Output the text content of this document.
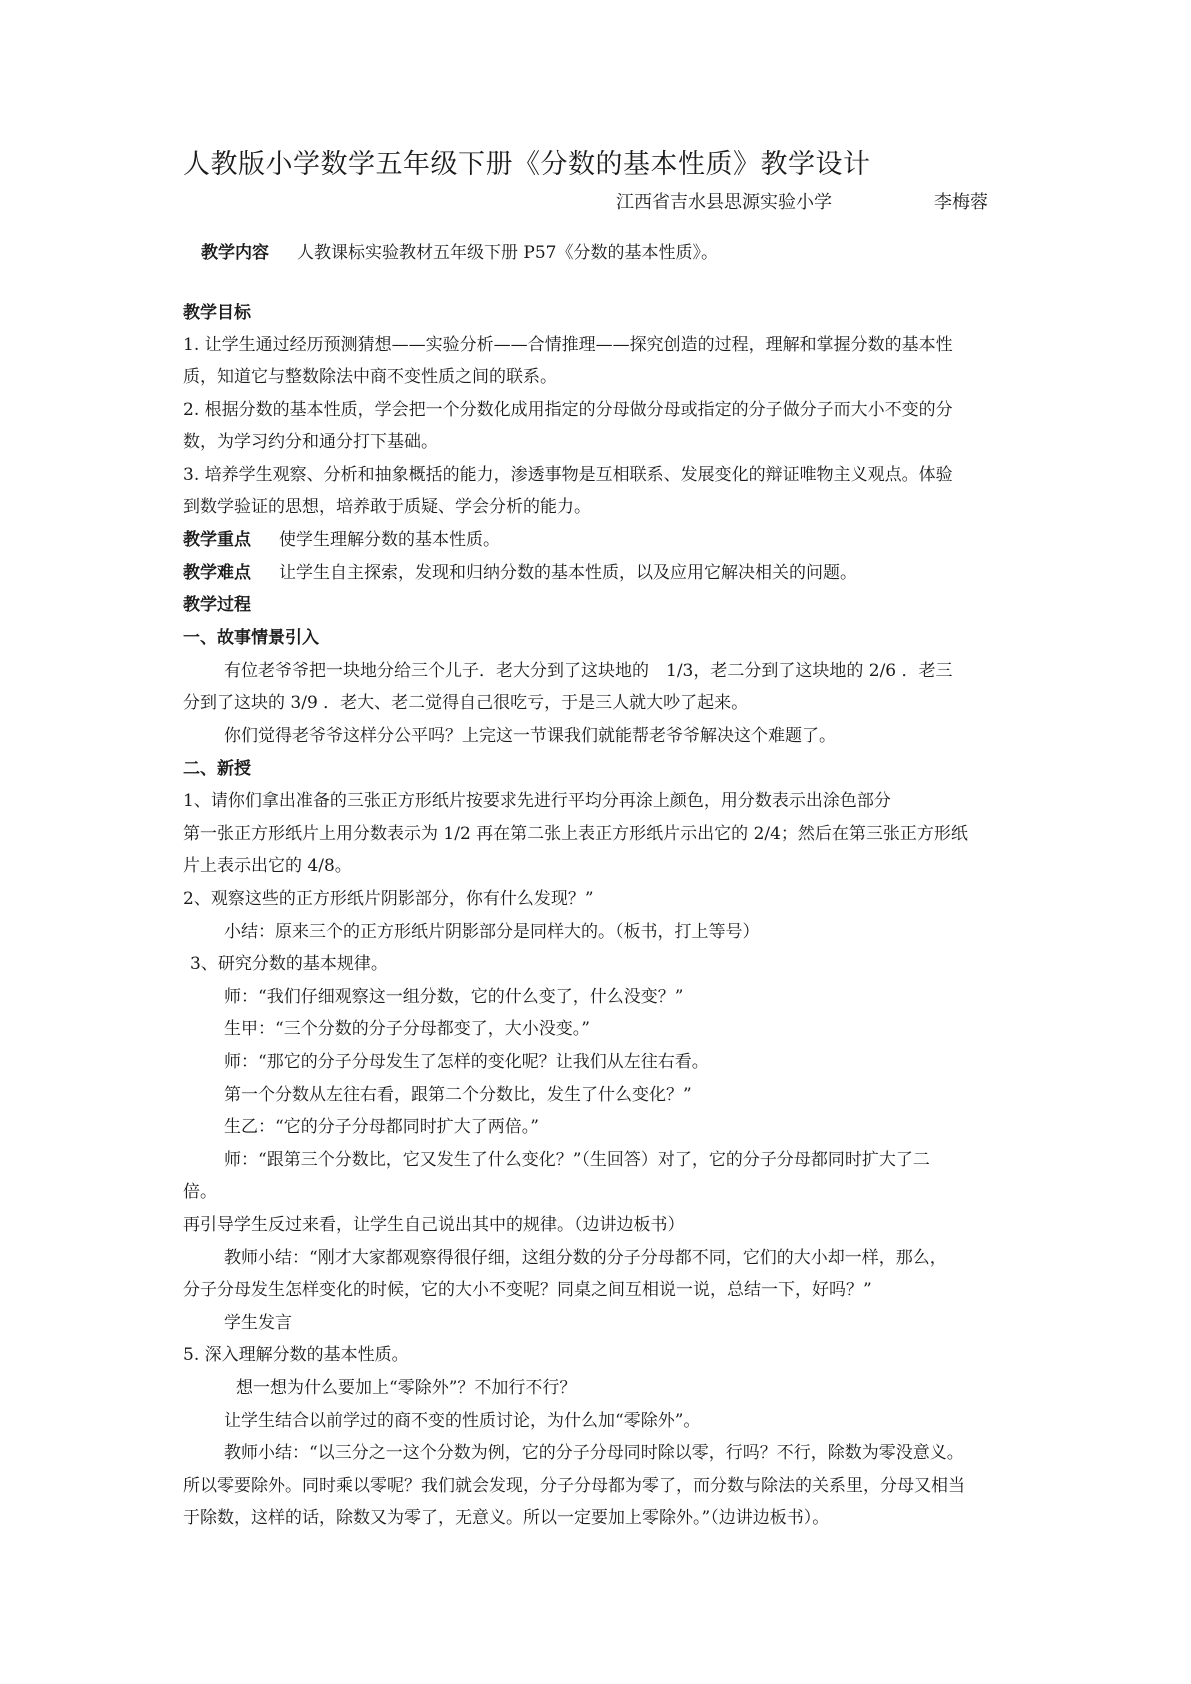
人教版小学数学五年级下册《分数的基本性质》教学设计
江西省吉水县思源实验小学	李梅蓉
教学内容 人教课标实验教材五年级下册 P57《分数的基本性质》。
教学目标
1. 让学生通过经历预测猜想——实验分析——合情推理——探究创造的过程，理解和掌握分数的基本性
质，知道它与整数除法中商不变性质之间的联系。
2. 根据分数的基本性质，学会把一个分数化成用指定的分母做分母或指定的分子做分子而大小不变的分
数，为学习约分和通分打下基础。
3. 培养学生观察、分析和抽象概括的能力，渗透事物是互相联系、发展变化的辩证唯物主义观点。体验
到数学验证的思想，培养敢于质疑、学会分析的能力。
教学重点 使学生理解分数的基本性质。
教学难点 让学生自主探索，发现和归纳分数的基本性质，以及应用它解决相关的问题。
教学过程
一、故事情景引入
有位老爷爷把一块地分给三个儿子．老大分到了这块地的　1/3，老二分到了这块地的 2/6 ．老三
分到了这块的 3/9 ．老大、老二觉得自己很吃亏，于是三人就大吵了起来。
你们觉得老爷爷这样分公平吗？上完这一节课我们就能帮老爷爷解决这个难题了。
二、新授
1、请你们拿出准备的三张正方形纸片按要求先进行平均分再涂上颜色，用分数表示出涂色部分
第一张正方形纸片上用分数表示为 1/2 再在第二张上表正方形纸片示出它的 2/4；然后在第三张正方形纸
片上表示出它的 4/8。
2、观察这些的正方形纸片阴影部分，你有什么发现？”
小结：原来三个的正方形纸片阴影部分是同样大的。（板书，打上等号）
3、研究分数的基本规律。
师：“我们仔细观察这一组分数，它的什么变了，什么没变？”
生甲：“三个分数的分子分母都变了，大小没变。”
师：“那它的分子分母发生了怎样的变化呢？让我们从左往右看。
第一个分数从左往右看，跟第二个分数比，发生了什么变化？”
生乙：“它的分子分母都同时扩大了两倍。”
师：“跟第三个分数比，它又发生了什么变化？”（生回答）对了，它的分子分母都同时扩大了二
倍。
再引导学生反过来看，让学生自己说出其中的规律。（边讲边板书）
教师小结：“刚才大家都观察得很仔细，这组分数的分子分母都不同，它们的大小却一样，那么，
分子分母发生怎样变化的时候，它的大小不变呢？同桌之间互相说一说，总结一下，好吗？”
学生发言
5. 深入理解分数的基本性质。
想一想为什么要加上“零除外”？不加行不行？
让学生结合以前学过的商不变的性质讨论，为什么加“零除外”。
教师小结：“以三分之一这个分数为例，它的分子分母同时除以零，行吗？不行，除数为零没意义。
所以零要除外。同时乘以零呢？我们就会发现，分子分母都为零了，而分数与除法的关系里，分母又相当
于除数，这样的话，除数又为零了，无意义。所以一定要加上零除外。”（边讲边板书）。
